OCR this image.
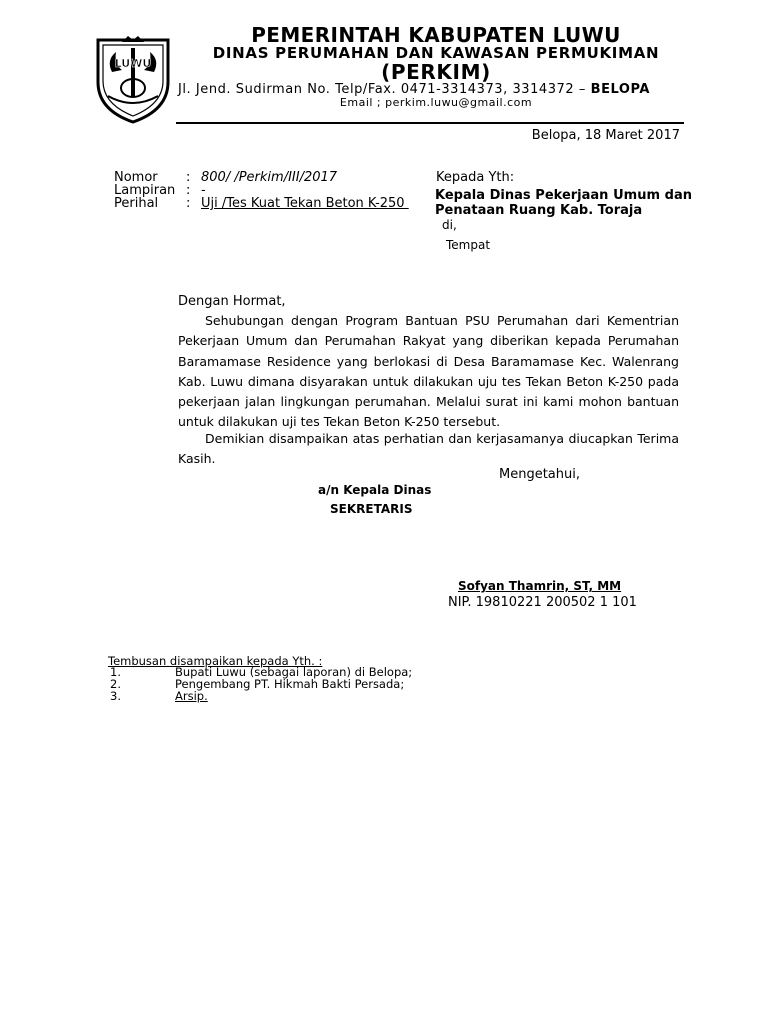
LUWU
PEMERINTAH KABUPATEN LUWU
DINAS PERUMAHAN DAN KAWASAN PERMUKIMAN
(PERKIM)
Jl. Jend. Sudirman No. Telp/Fax. 0471-3314373, 3314372 – BELOPA
Email ; perkim.luwu@gmail.com
Belopa, 18 Maret 2017
Nomor : 800/ /Perkim/III/2017
Lampiran : -
Perihal : Uji /Tes Kuat Tekan Beton K-250
Kepada Yth:
Kepala Dinas Pekerjaan Umum dan Penataan Ruang Kab. Toraja
di,
Tempat
Dengan Hormat,
Sehubungan dengan Program Bantuan PSU Perumahan dari Kementrian Pekerjaan Umum dan Perumahan Rakyat yang diberikan kepada Perumahan Baramamase Residence yang berlokasi di Desa Baramamase Kec. Walenrang Kab. Luwu dimana disyarakan untuk dilakukan uju tes Tekan Beton K-250 pada pekerjaan jalan lingkungan perumahan. Melalui surat ini kami mohon bantuan untuk dilakukan uji tes Tekan Beton K-250 tersebut.
Demikian disampaikan atas perhatian dan kerjasamanya diucapkan Terima Kasih.
Mengetahui,
a/n Kepala Dinas
SEKRETARIS
Sofyan Thamrin, ST, MM
NIP. 19810221 200502 1 101
Tembusan disampaikan kepada Yth. :
1.	Bupati Luwu (sebagai laporan) di Belopa;
2.	Pengembang PT. Hikmah Bakti Persada;
3.	Arsip.
